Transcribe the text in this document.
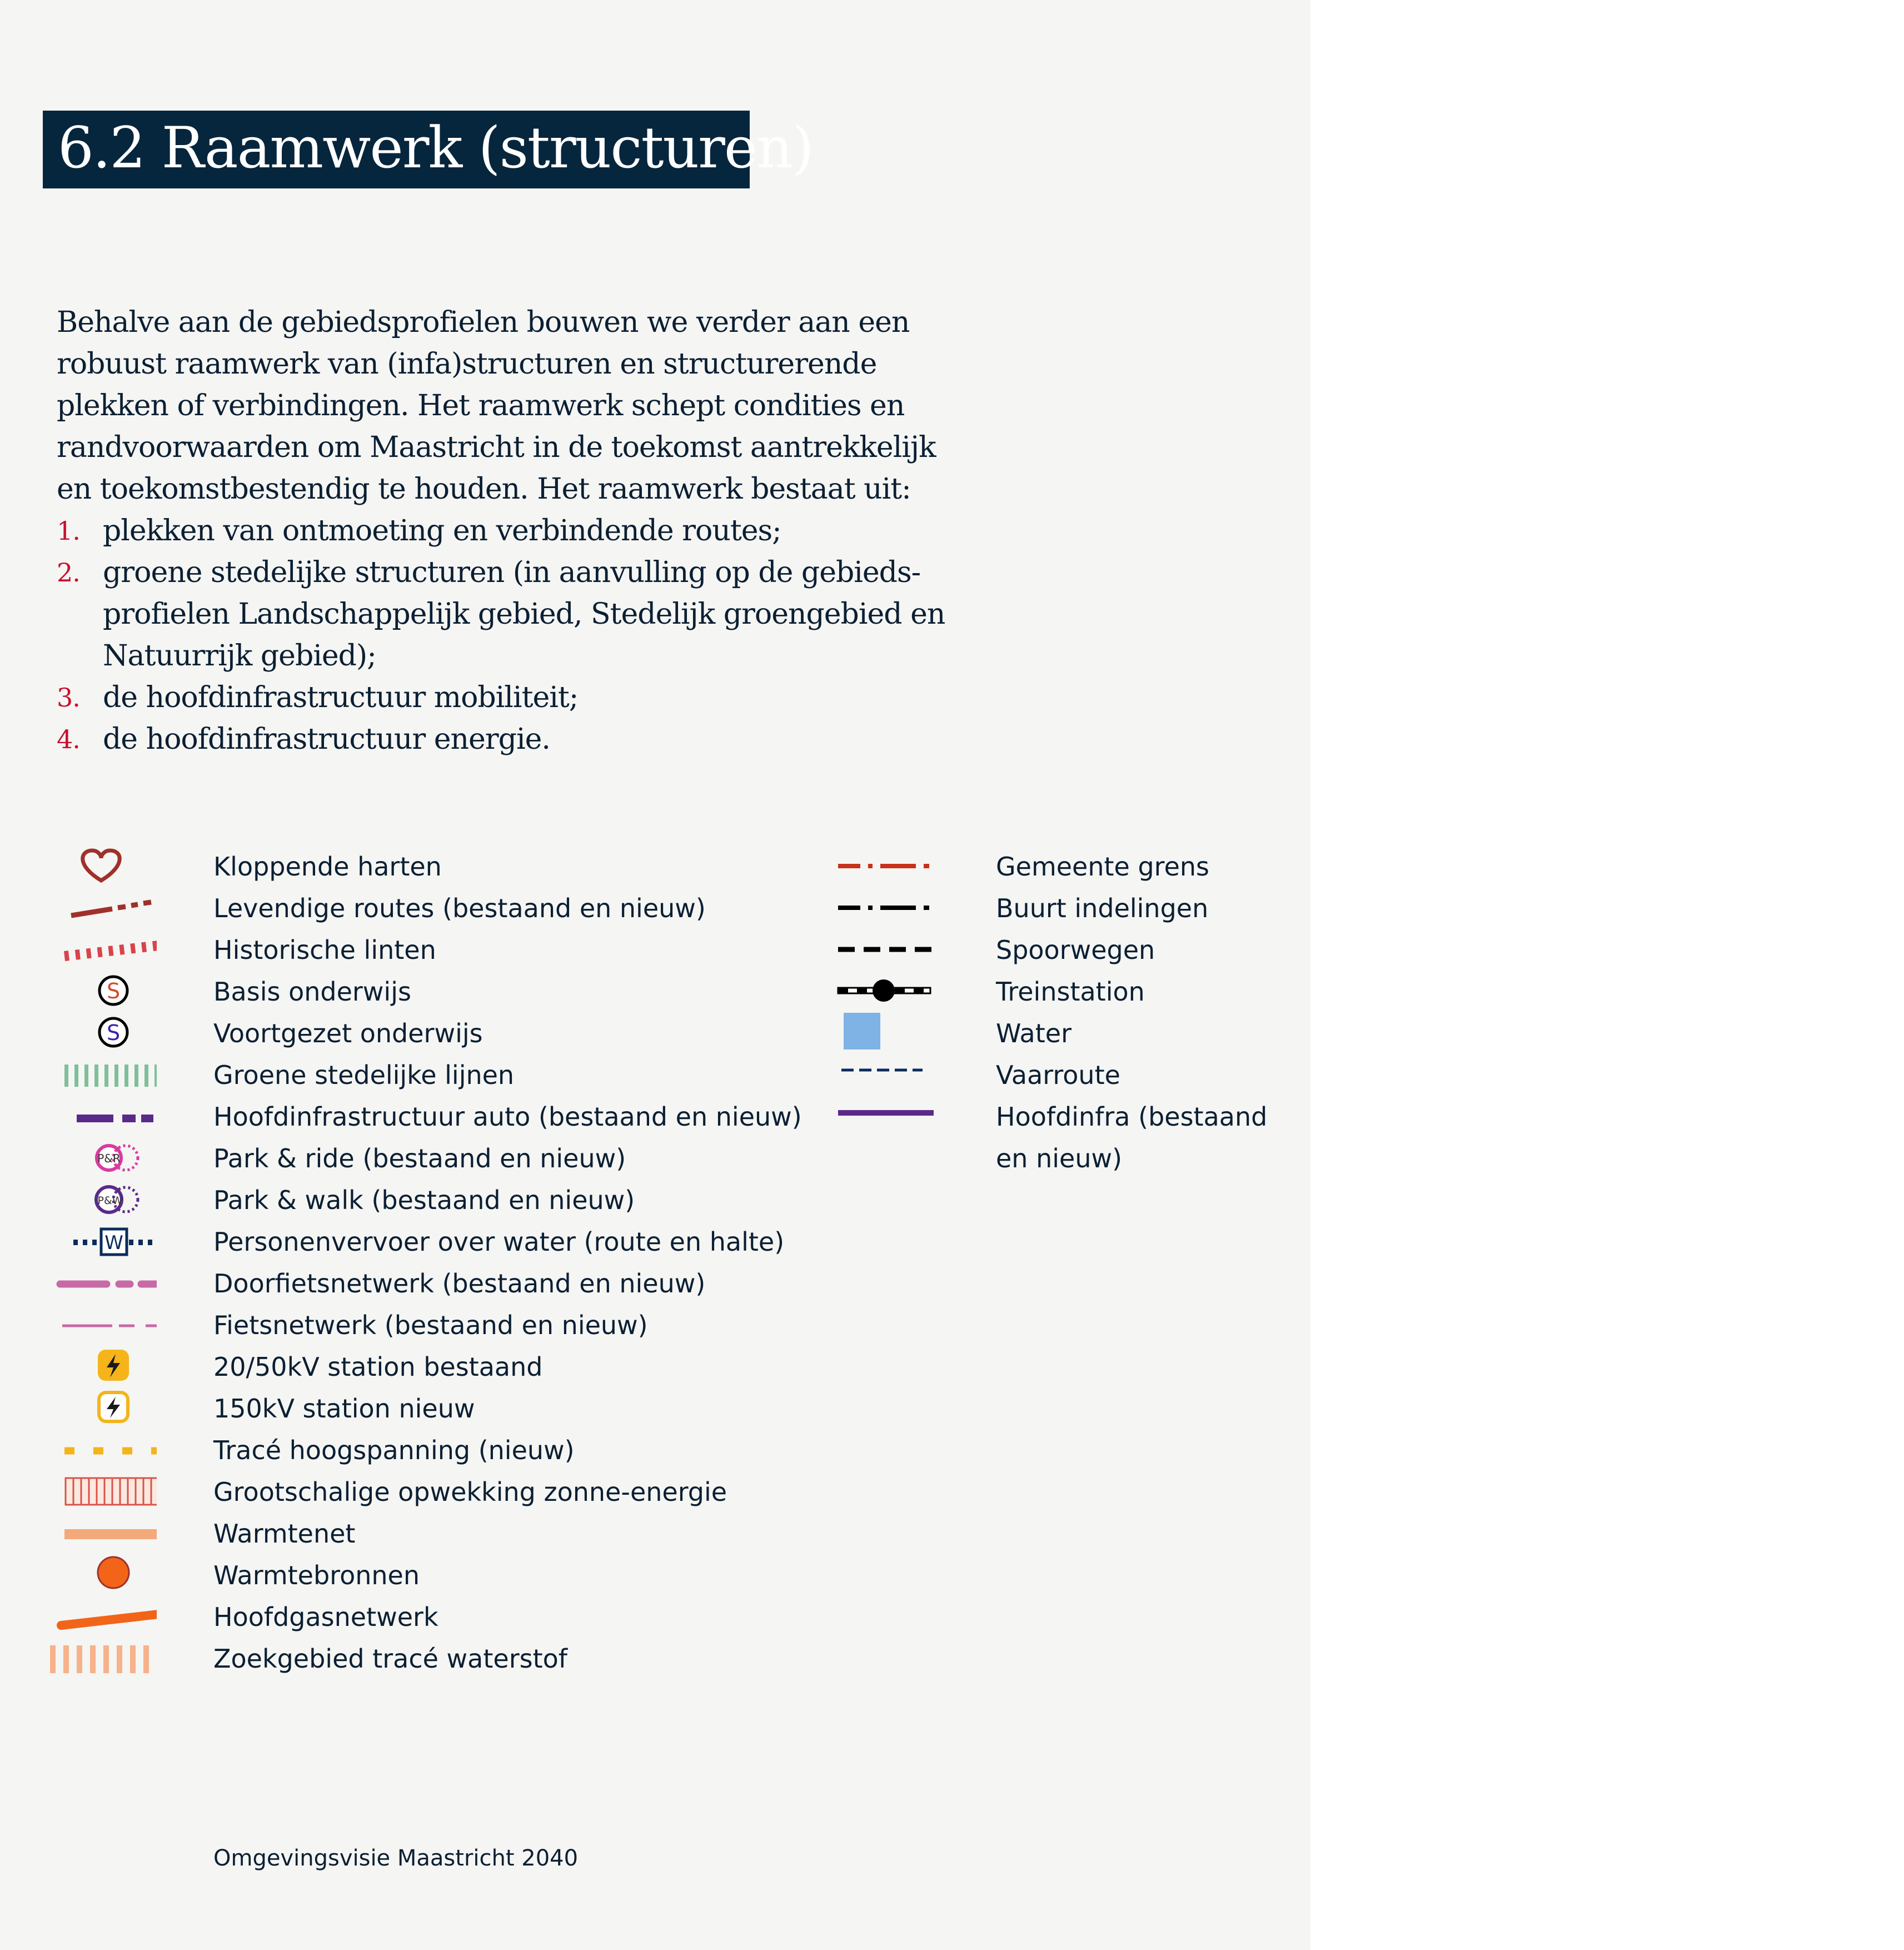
6.2 Raamwerk (structuren)

Behalve aan de gebiedsprofielen bouwen we verder aan een

robuust raamwerk van (infa)structuren en structurerende

plekken of verbindingen. Het raamwerk schept condities en

randvoorwaarden om Maastricht in de toekomst aantrekkelijk

en toekomstbestendig te houden. Het raamwerk bestaat uit:

1. plekken van ontmoeting en verbindende routes;
2. groene stedelijke structuren (in aanvulling op de gebieds-
profielen Landschappelijk gebied, Stedelijk groengebied en
Natuurrijk gebied);
3. de hoofdinfrastructuur mobiliteit;
4. de hoofdinfrastructuur energie.
Kloppende harten
Levendige routes (bestaand en nieuw)
Historische linten
S	Basis onderwijs
S	Voortgezet onderwijs
Groene stedelijke lijnen
Hoofdinfrastructuur auto (bestaand en nieuw)
P&R	Park & ride (bestaand en nieuw)
P&W	Park & walk (bestaand en nieuw)
W	Personenvervoer over water (route en halte)
Doorfietsnetwerk (bestaand en nieuw)
Fietsnetwerk (bestaand en nieuw)
20/50kV station bestaand
150kV station nieuw
Tracé hoogspanning (nieuw)
Grootschalige opwekking zonne-energie
Warmtenet
Warmtebronnen
Hoofdgasnetwerk
Zoekgebied tracé waterstof
Gemeente grens
Buurt indelingen
Spoorwegen
Treinstation
Water
Vaarroute
Hoofdinfra (bestaand en nieuw)
Omgevingsvisie Maastricht 2040
